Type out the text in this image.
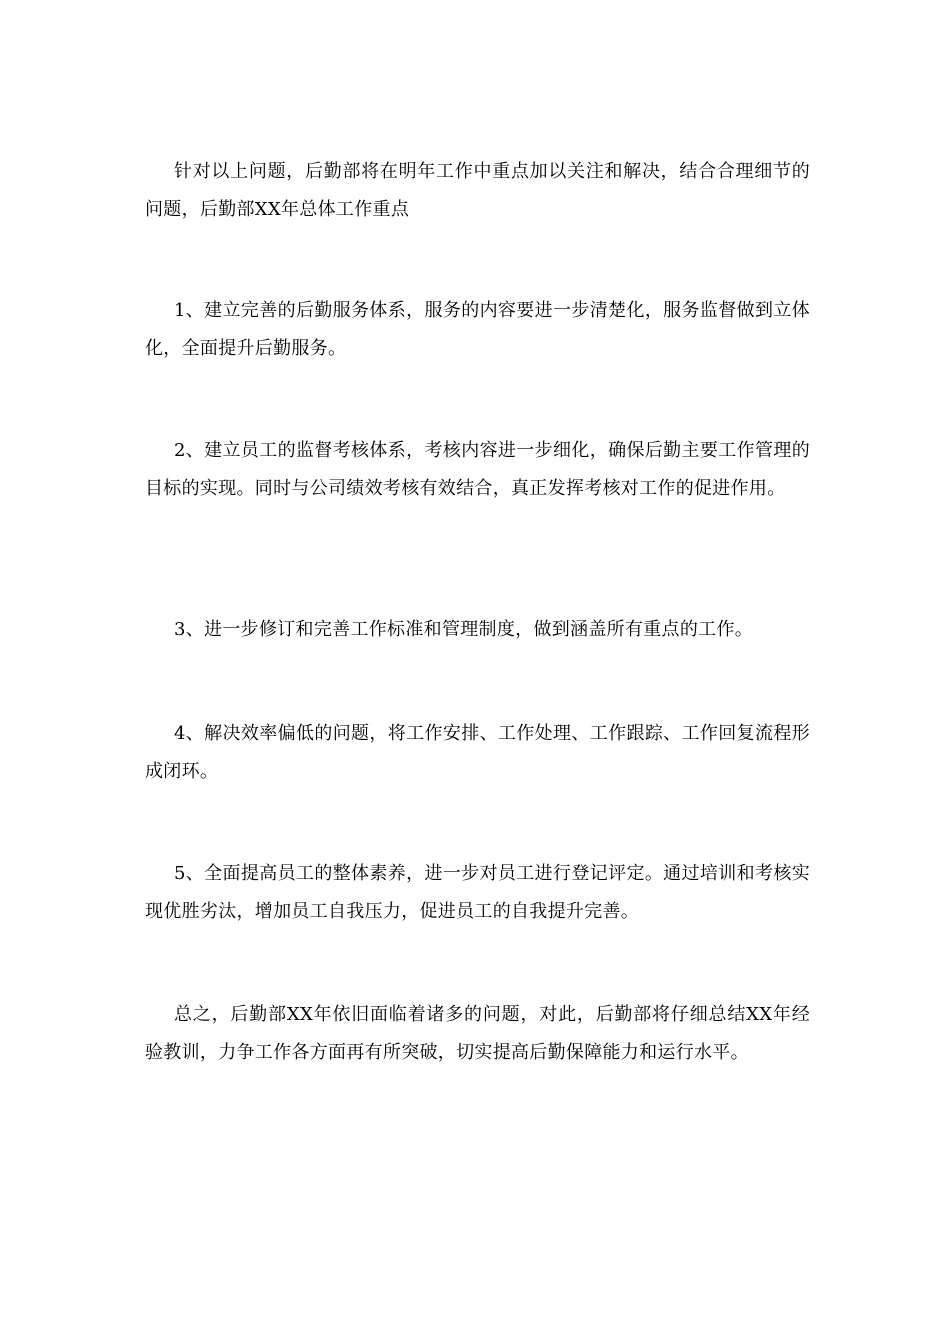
针对以上问题，后勤部将在明年工作中重点加以关注和解决，结合合理细节的问题，后勤部XX年总体工作重点

1、建立完善的后勤服务体系，服务的内容要进一步清楚化，服务监督做到立体化，全面提升后勤服务。

2、建立员工的监督考核体系，考核内容进一步细化，确保后勤主要工作管理的目标的实现。同时与公司绩效考核有效结合，真正发挥考核对工作的促进作用。

3、进一步修订和完善工作标准和管理制度，做到涵盖所有重点的工作。

4、解决效率偏低的问题，将工作安排、工作处理、工作跟踪、工作回复流程形成闭环。

5、全面提高员工的整体素养，进一步对员工进行登记评定。通过培训和考核实现优胜劣汰，增加员工自我压力，促进员工的自我提升完善。

总之，后勤部XX年依旧面临着诸多的问题，对此，后勤部将仔细总结XX年经验教训，力争工作各方面再有所突破，切实提高后勤保障能力和运行水平。
